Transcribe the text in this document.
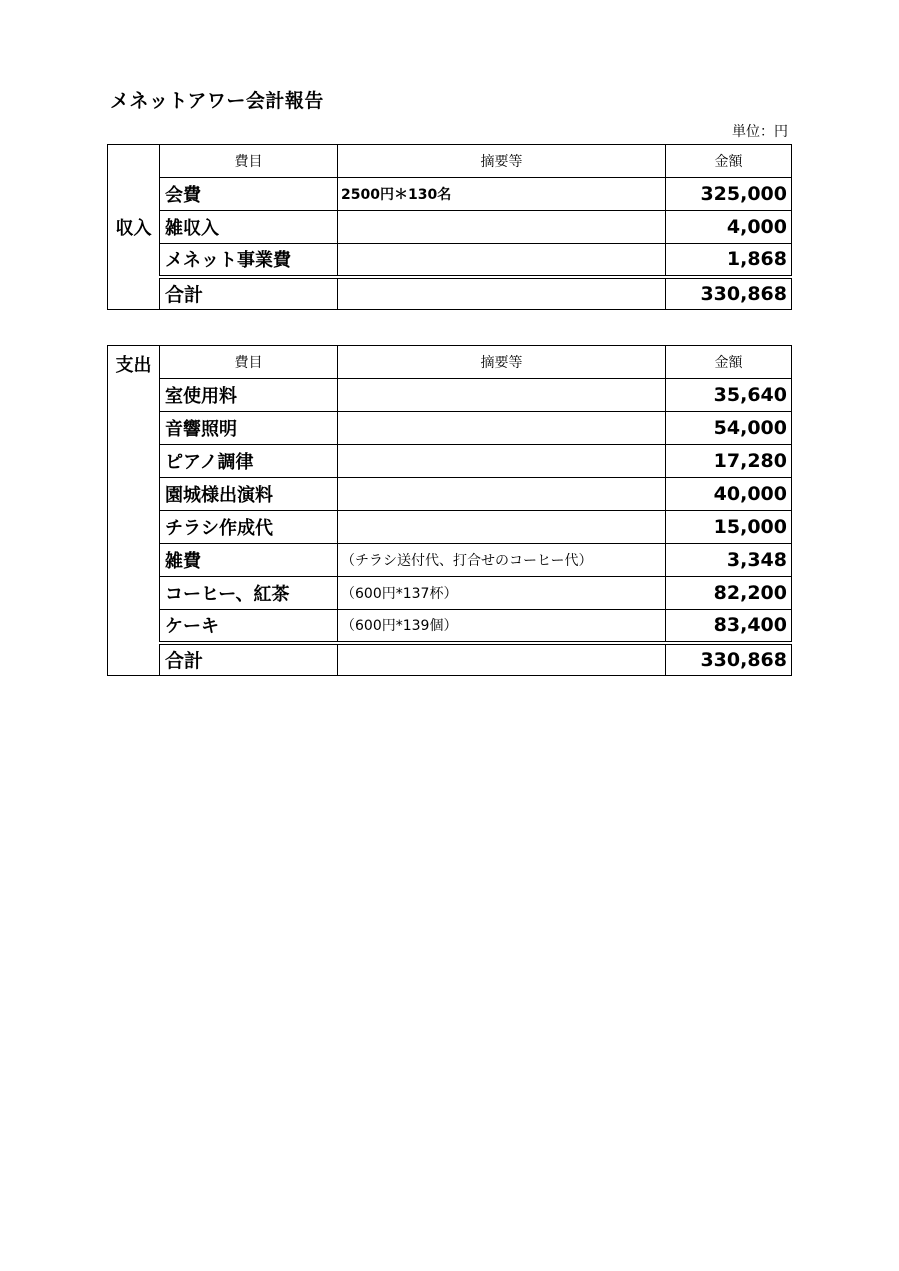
メネットアワー会計報告
単位：円
収入	費目	摘要等	金額
	会費	2500円＊130名	325,000
	雑収入		4,000
	メネット事業費		1,868
	合計		330,868
支出	費目	摘要等	金額
	室使用料		35,640
	音響照明		54,000
	ピアノ調律		17,280
	園城様出演料		40,000
	チラシ作成代		15,000
	雑費	（チラシ送付代、打合せのコーヒー代）	3,348
	コーヒー、紅茶	（600円*137杯）	82,200
	ケーキ	（600円*139個）	83,400
	合計		330,868
